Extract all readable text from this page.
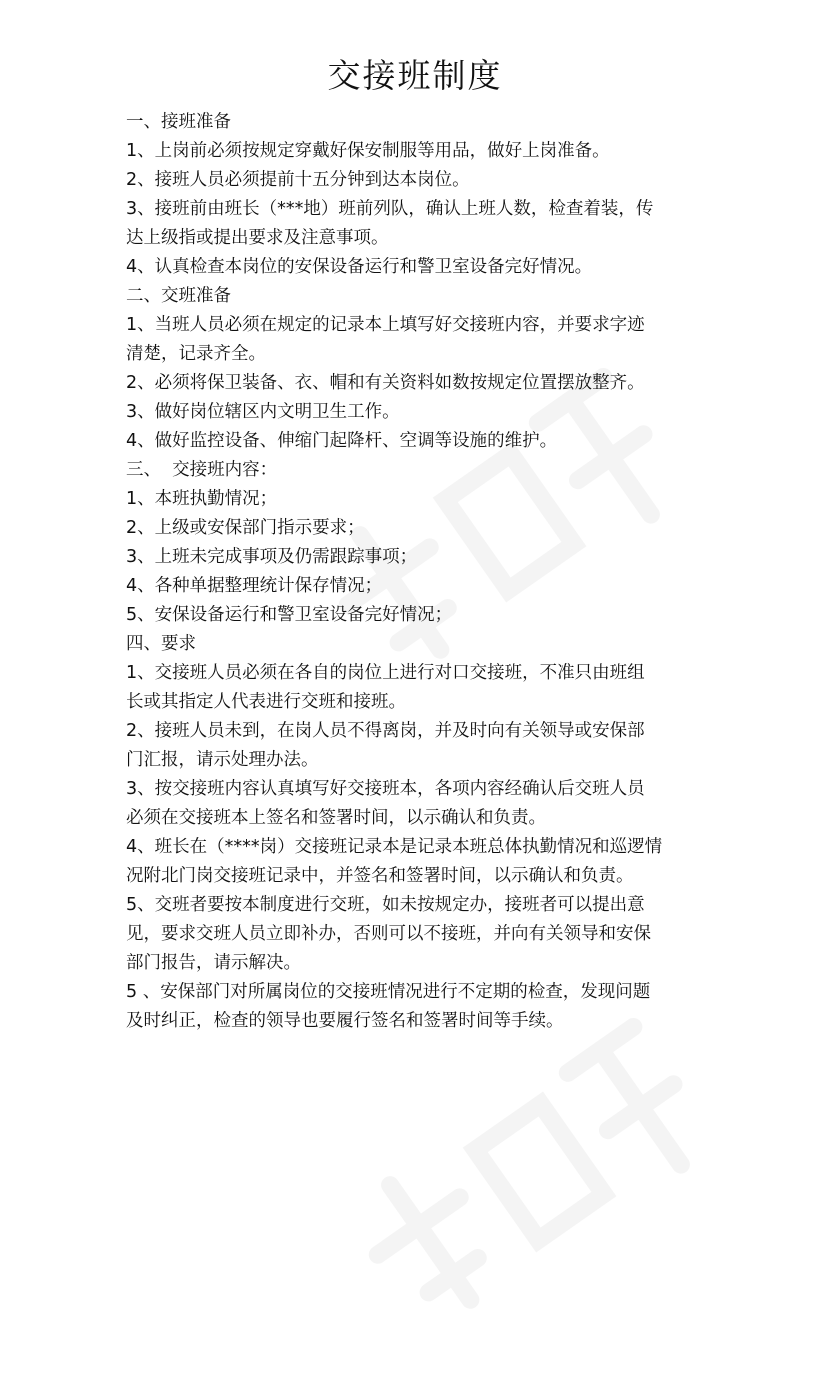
交接班制度
一、接班准备
1、上岗前必须按规定穿戴好保安制服等用品，做好上岗准备。
2、接班人员必须提前十五分钟到达本岗位。
3、接班前由班长（***地）班前列队，确认上班人数，检查着装，传
达上级指或提出要求及注意事项。
4、认真检查本岗位的安保设备运行和警卫室设备完好情况。
二、交班准备
1、当班人员必须在规定的记录本上填写好交接班内容，并要求字迹
清楚，记录齐全。
2、必须将保卫装备、衣、帽和有关资料如数按规定位置摆放整齐。
3、做好岗位辖区内文明卫生工作。
4、做好监控设备、伸缩门起降杆、空调等设施的维护。
三、  交接班内容：
1、本班执勤情况；
2、上级或安保部门指示要求；
3、上班未完成事项及仍需跟踪事项；
4、各种单据整理统计保存情况；
5、安保设备运行和警卫室设备完好情况；
四、要求
1、交接班人员必须在各自的岗位上进行对口交接班，不准只由班组
长或其指定人代表进行交班和接班。
2、接班人员未到，在岗人员不得离岗，并及时向有关领导或安保部
门汇报，请示处理办法。
3、按交接班内容认真填写好交接班本，各项内容经确认后交班人员
必须在交接班本上签名和签署时间，以示确认和负责。
4、班长在（****岗）交接班记录本是记录本班总体执勤情况和巡逻情
况附北门岗交接班记录中，并签名和签署时间，以示确认和负责。
5、交班者要按本制度进行交班，如未按规定办，接班者可以提出意
见，要求交班人员立即补办，否则可以不接班，并向有关领导和安保
部门报告，请示解决。
5 、安保部门对所属岗位的交接班情况进行不定期的检查，发现问题
及时纠正，检查的领导也要履行签名和签署时间等手续。
